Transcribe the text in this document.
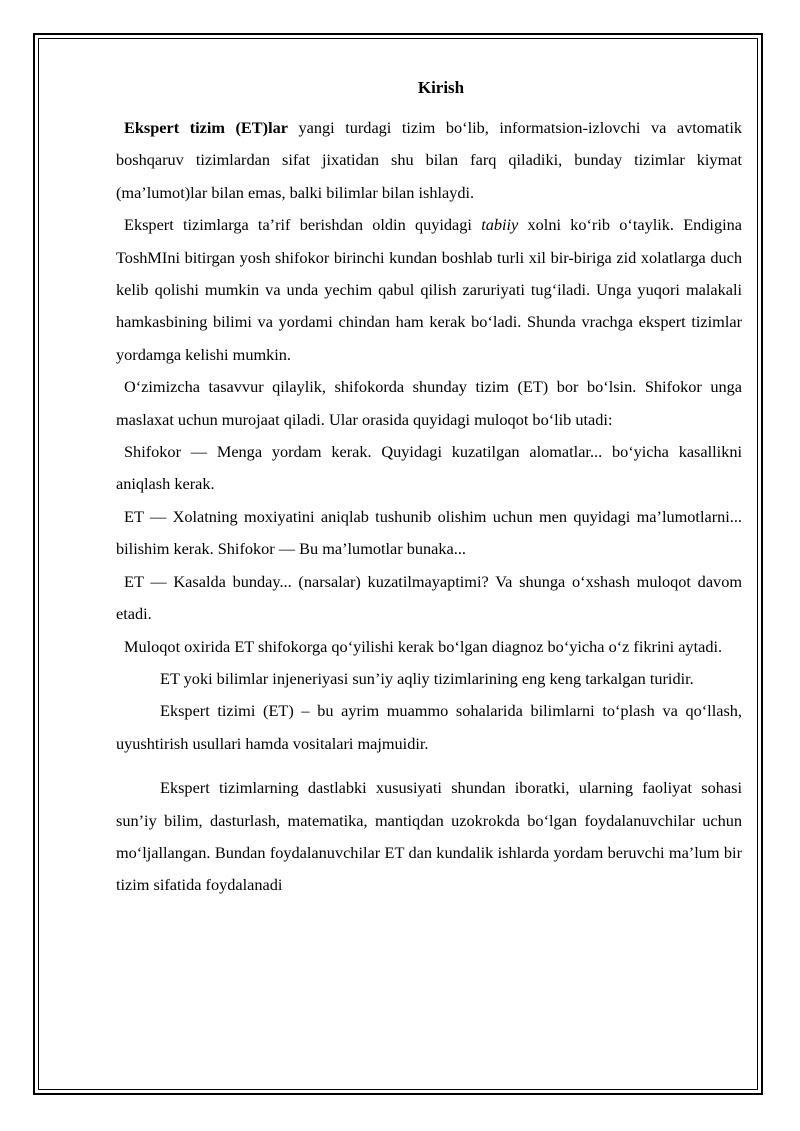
Kirish

Ekspert tizim (ET)lar yangi turdagi tizim bo‘lib, informatsion-izlovchi va avtomatik boshqaruv tizimlardan sifat jixatidan shu bilan farq qiladiki, bunday tizimlar kiymat (ma’lumot)lar bilan emas, balki bilimlar bilan ishlaydi.

Ekspert tizimlarga ta’rif berishdan oldin quyidagi tabiiy xolni ko‘rib o‘taylik. Endigina ToshMIni bitirgan yosh shifokor birinchi kundan boshlab turli xil bir-biriga zid xolatlarga duch kelib qolishi mumkin va unda yechim qabul qilish zaruriyati tug‘iladi. Unga yuqori malakali hamkasbining bilimi va yordami chindan ham kerak bo‘ladi. Shunda vrachga ekspert tizimlar yordamga kelishi mumkin.

O‘zimizcha tasavvur qilaylik, shifokorda shunday tizim (ET) bor bo‘lsin. Shifokor unga maslaxat uchun murojaat qiladi. Ular orasida quyidagi muloqot bo‘lib utadi:

Shifokor — Menga yordam kerak. Quyidagi kuzatilgan alomatlar... bo‘yicha kasallikni aniqlash kerak.

ET — Xolatning moxiyatini aniqlab tushunib olishim uchun men quyidagi ma’lumotlarni... bilishim kerak. Shifokor — Bu ma’lumotlar bunaka...

ET — Kasalda bunday... (narsalar) kuzatilmayaptimi? Va shunga o‘xshash muloqot davom etadi.

Muloqot oxirida ET shifokorga qo‘yilishi kerak bo‘lgan diagnoz bo‘yicha o‘z fikrini aytadi.

ET yoki bilimlar injeneriyasi sun’iy aqliy tizimlarining eng keng tarkalgan turidir.

Ekspert tizimi (ET) – bu ayrim muammo sohalarida bilimlarni to‘plash va qo‘llash, uyushtirish usullari hamda vositalari majmuidir.

Ekspert tizimlarning dastlabki xususiyati shundan iboratki, ularning faoliyat sohasi sun’iy bilim, dasturlash, matematika, mantiqdan uzokrokda bo‘lgan foydalanuvchilar uchun mo‘ljallangan. Bundan foydalanuvchilar ET dan kundalik ishlarda yordam beruvchi ma’lum bir tizim sifatida foydalanadi
